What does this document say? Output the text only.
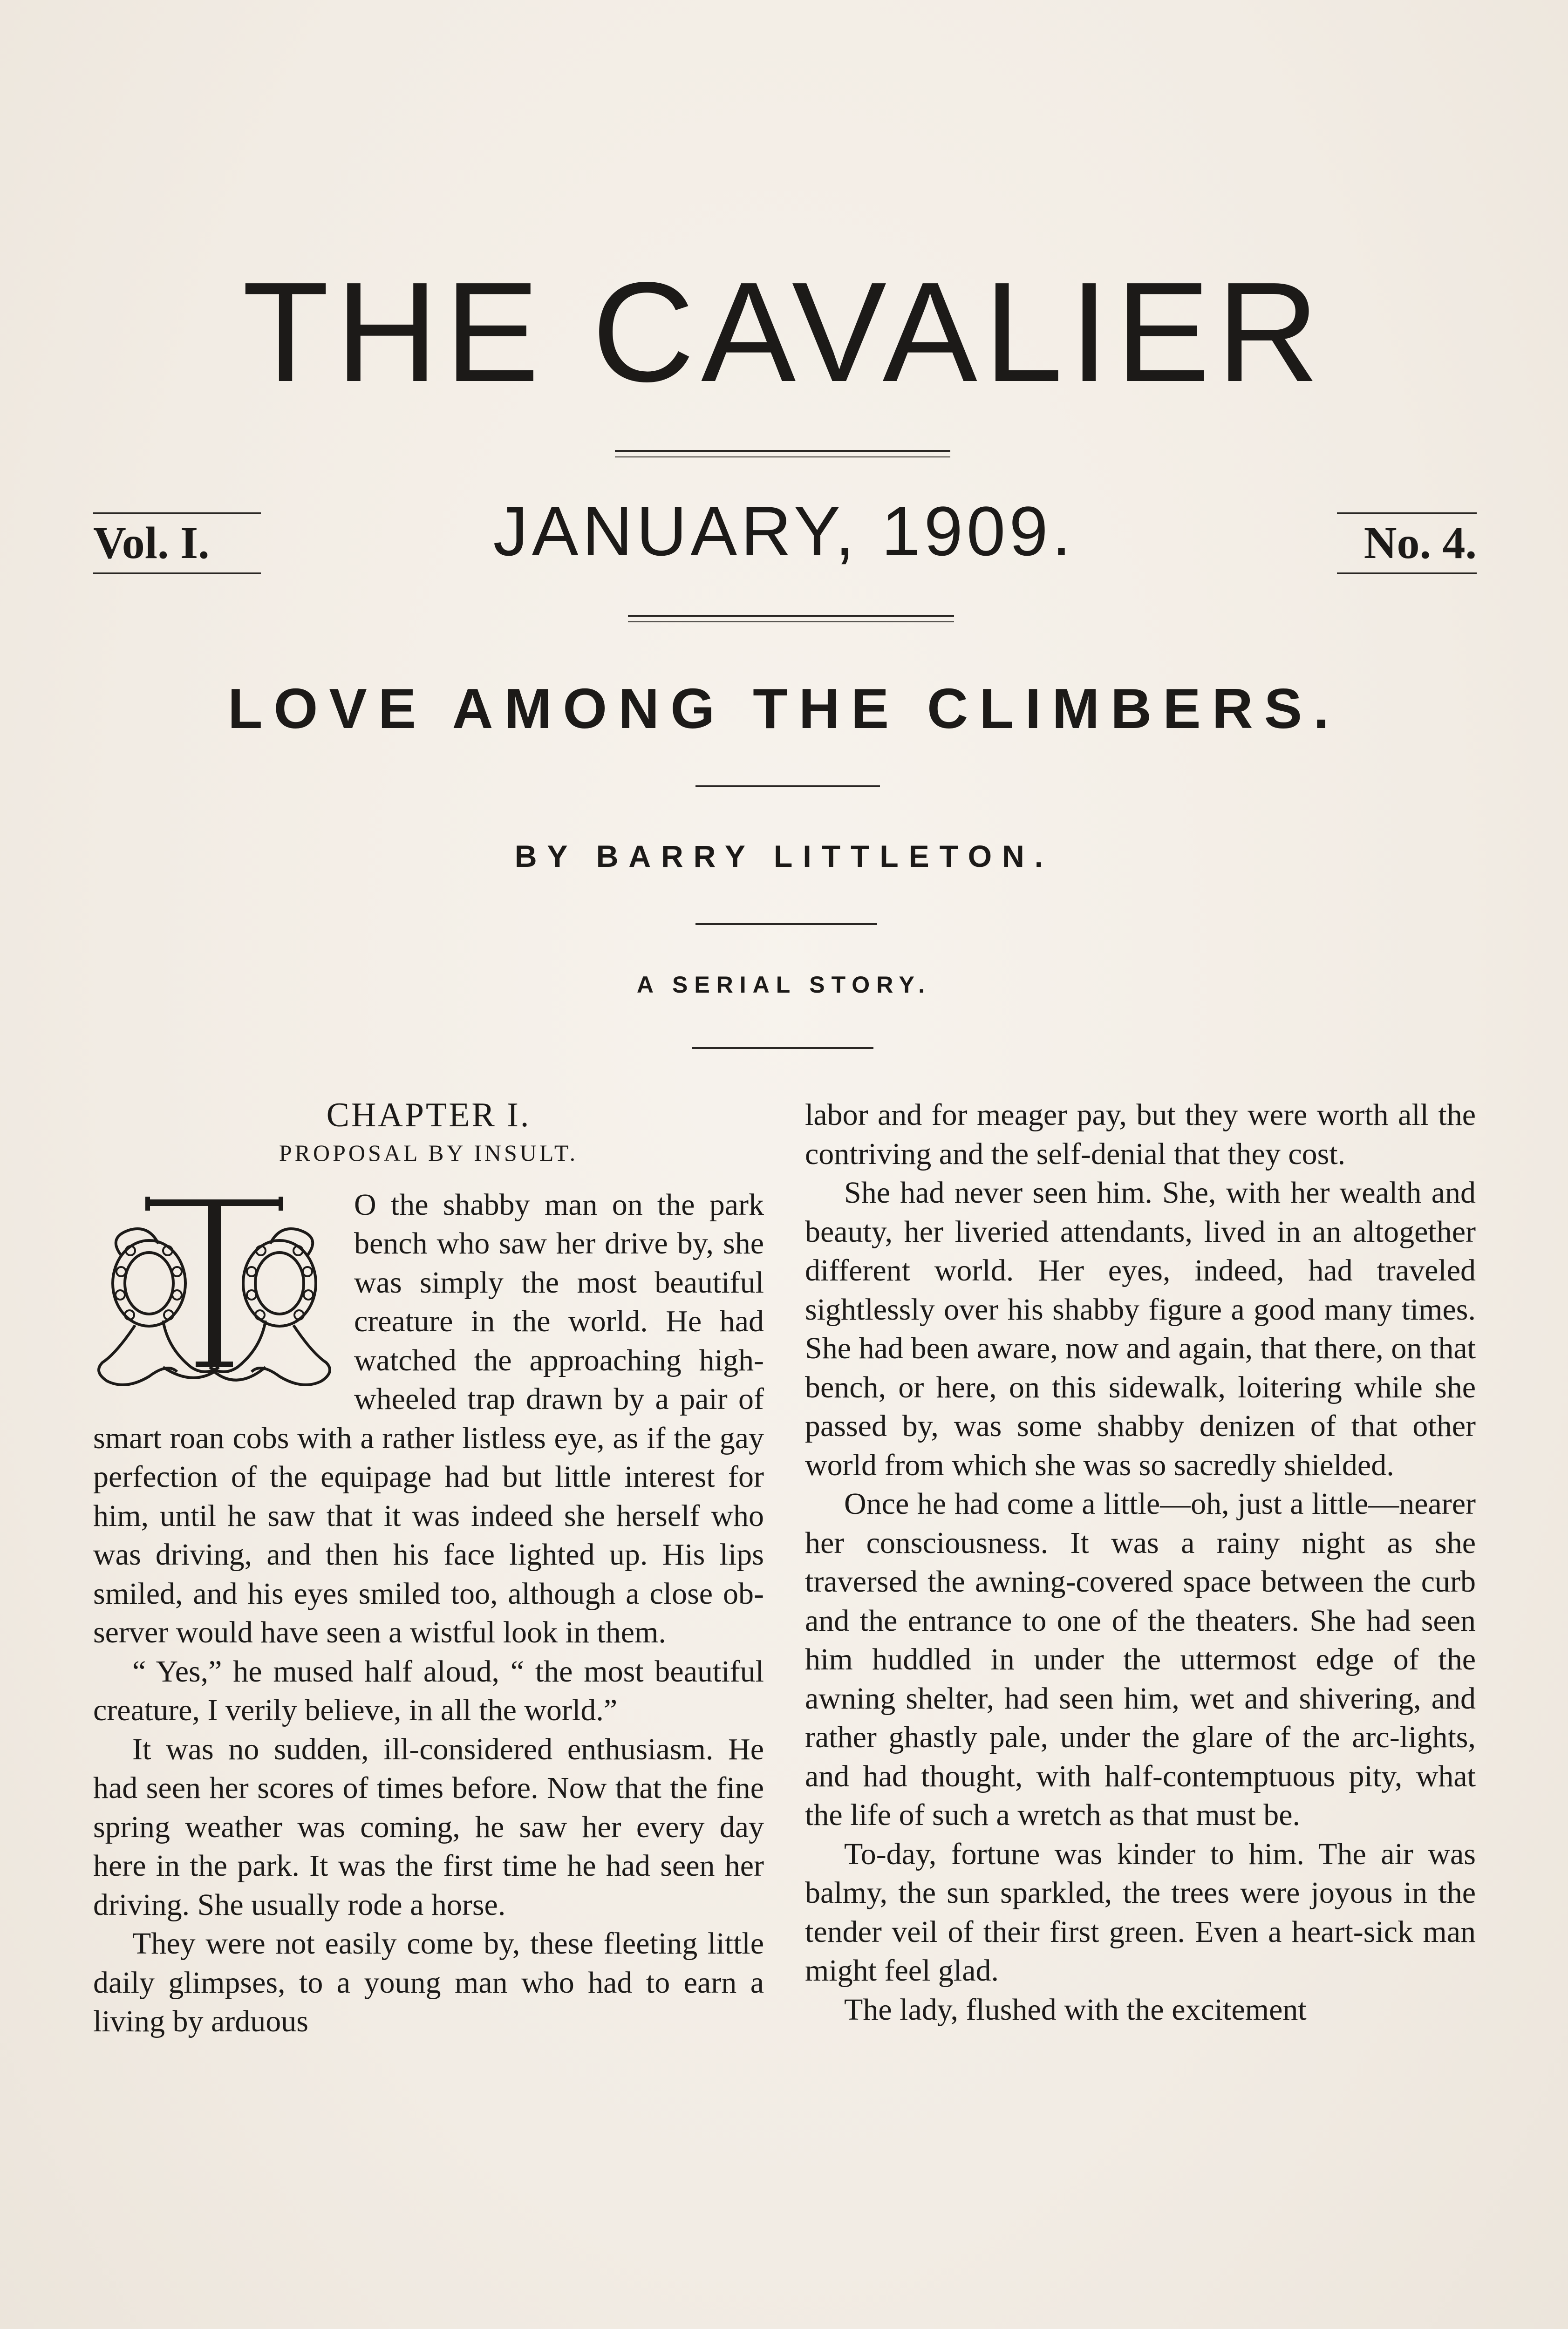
THE CAVALIER
Vol. I.	JANUARY, 1909.	No. 4.
LOVE AMONG THE CLIMBERS.
BY BARRY LITTLETON.
A SERIAL STORY.
CHAPTER I.
PROPOSAL BY INSULT.

O the shabby man on the park bench who saw her drive by, she was simply the most beautiful creature in the world. He had watched the approaching high-wheeled trap drawn by a pair of smart roan cobs with a rather listless eye, as if the gay perfection of the equipage had but little interest for him, until he saw that it was indeed she herself who was driving, and then his face lighted up. His lips smiled, and his eyes smiled too, although a close observer would have seen a wistful look in them.

“ Yes,” he mused half aloud, “ the most beautiful creature, I verily believe, in all the world.”

It was no sudden, ill-considered enthusiasm. He had seen her scores of times before. Now that the fine spring weather was coming, he saw her every day here in the park. It was the first time he had seen her driving. She usually rode a horse.

They were not easily come by, these fleeting little daily glimpses, to a young man who had to earn a living by arduous

labor and for meager pay, but they were worth all the contriving and the self-denial that they cost.

She had never seen him. She, with her wealth and beauty, her liveried attendants, lived in an altogether different world. Her eyes, indeed, had traveled sightlessly over his shabby figure a good many times. She had been aware, now and again, that there, on that bench, or here, on this sidewalk, loitering while she passed by, was some shabby denizen of that other world from which she was so sacredly shielded.

Once he had come a little—oh, just a little—nearer her consciousness. It was a rainy night as she traversed the awning-covered space between the curb and the entrance to one of the theaters. She had seen him huddled in under the uttermost edge of the awning shelter, had seen him, wet and shivering, and rather ghastly pale, under the glare of the arc-lights, and had thought, with half-contemptuous pity, what the life of such a wretch as that must be.

To-day, fortune was kinder to him. The air was balmy, the sun sparkled, the trees were joyous in the tender veil of their first green. Even a heart-sick man might feel glad.

The lady, flushed with the excitement
